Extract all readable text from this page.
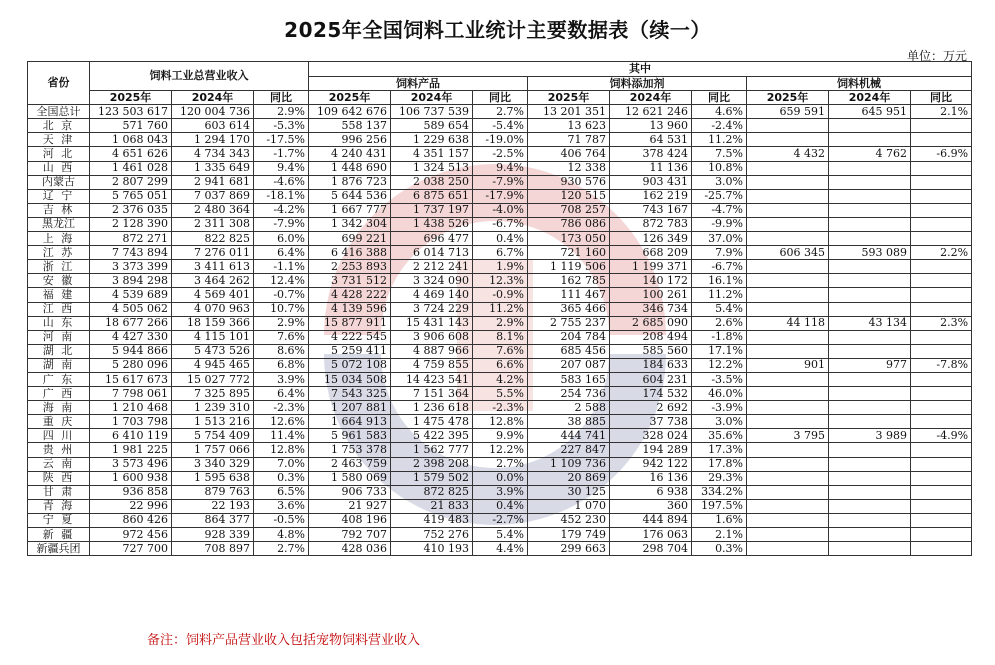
2025年全国饲料工业统计主要数据表（续一）
单位：万元
省份	饲料工业总营业收入			其中								
				饲料产品			饲料添加剂			饲料机械		
	2025年	2024年	同比	2025年	2024年	同比	2025年	2024年	同比	2025年	2024年	同比
全国总计	123 503 617	120 004 736	2.9%	109 642 676	106 737 539	2.7%	13 201 351	12 621 246	4.6%	659 591	645 951	2.1%
北 京	571 760	603 614	-5.3%	558 137	589 654	-5.4%	13 623	13 960	-2.4%			
天 津	1 068 043	1 294 170	-17.5%	996 256	1 229 638	-19.0%	71 787	64 531	11.2%			
河 北	4 651 626	4 734 343	-1.7%	4 240 431	4 351 157	-2.5%	406 764	378 424	7.5%	4 432	4 762	-6.9%
山 西	1 461 028	1 335 649	9.4%	1 448 690	1 324 513	9.4%	12 338	11 136	10.8%			
内蒙古	2 807 299	2 941 681	-4.6%	1 876 723	2 038 250	-7.9%	930 576	903 431	3.0%			
辽 宁	5 765 051	7 037 869	-18.1%	5 644 536	6 875 651	-17.9%	120 515	162 219	-25.7%			
吉 林	2 376 035	2 480 364	-4.2%	1 667 777	1 737 197	-4.0%	708 257	743 167	-4.7%			
黑龙江	2 128 390	2 311 308	-7.9%	1 342 304	1 438 526	-6.7%	786 086	872 783	-9.9%			
上 海	872 271	822 825	6.0%	699 221	696 477	0.4%	173 050	126 349	37.0%			
江 苏	7 743 894	7 276 011	6.4%	6 416 388	6 014 713	6.7%	721 160	668 209	7.9%	606 345	593 089	2.2%
浙 江	3 373 399	3 411 613	-1.1%	2 253 893	2 212 241	1.9%	1 119 506	1 199 371	-6.7%			
安 徽	3 894 298	3 464 262	12.4%	3 731 512	3 324 090	12.3%	162 785	140 172	16.1%			
福 建	4 539 689	4 569 401	-0.7%	4 428 222	4 469 140	-0.9%	111 467	100 261	11.2%			
江 西	4 505 062	4 070 963	10.7%	4 139 596	3 724 229	11.2%	365 466	346 734	5.4%			
山 东	18 677 266	18 159 366	2.9%	15 877 911	15 431 143	2.9%	2 755 237	2 685 090	2.6%	44 118	43 134	2.3%
河 南	4 427 330	4 115 101	7.6%	4 222 545	3 906 608	8.1%	204 784	208 494	-1.8%			
湖 北	5 944 866	5 473 526	8.6%	5 259 411	4 887 966	7.6%	685 456	585 560	17.1%			
湖 南	5 280 096	4 945 465	6.8%	5 072 108	4 759 855	6.6%	207 087	184 633	12.2%	901	977	-7.8%
广 东	15 617 673	15 027 772	3.9%	15 034 508	14 423 541	4.2%	583 165	604 231	-3.5%			
广 西	7 798 061	7 325 895	6.4%	7 543 325	7 151 364	5.5%	254 736	174 532	46.0%			
海 南	1 210 468	1 239 310	-2.3%	1 207 881	1 236 618	-2.3%	2 588	2 692	-3.9%			
重 庆	1 703 798	1 513 216	12.6%	1 664 913	1 475 478	12.8%	38 885	37 738	3.0%			
四 川	6 410 119	5 754 409	11.4%	5 961 583	5 422 395	9.9%	444 741	328 024	35.6%	3 795	3 989	-4.9%
贵 州	1 981 225	1 757 066	12.8%	1 753 378	1 562 777	12.2%	227 847	194 289	17.3%			
云 南	3 573 496	3 340 329	7.0%	2 463 759	2 398 208	2.7%	1 109 736	942 122	17.8%			
陕 西	1 600 938	1 595 638	0.3%	1 580 069	1 579 502	0.0%	20 869	16 136	29.3%			
甘 肃	936 858	879 763	6.5%	906 733	872 825	3.9%	30 125	6 938	334.2%			
青 海	22 996	22 193	3.6%	21 927	21 833	0.4%	1 070	360	197.5%			
宁 夏	860 426	864 377	-0.5%	408 196	419 483	-2.7%	452 230	444 894	1.6%			
新 疆	972 456	928 339	4.8%	792 707	752 276	5.4%	179 749	176 063	2.1%			
新疆兵团	727 700	708 897	2.7%	428 036	410 193	4.4%	299 663	298 704	0.3%			
备注：饲料产品营业收入包括宠物饲料营业收入
